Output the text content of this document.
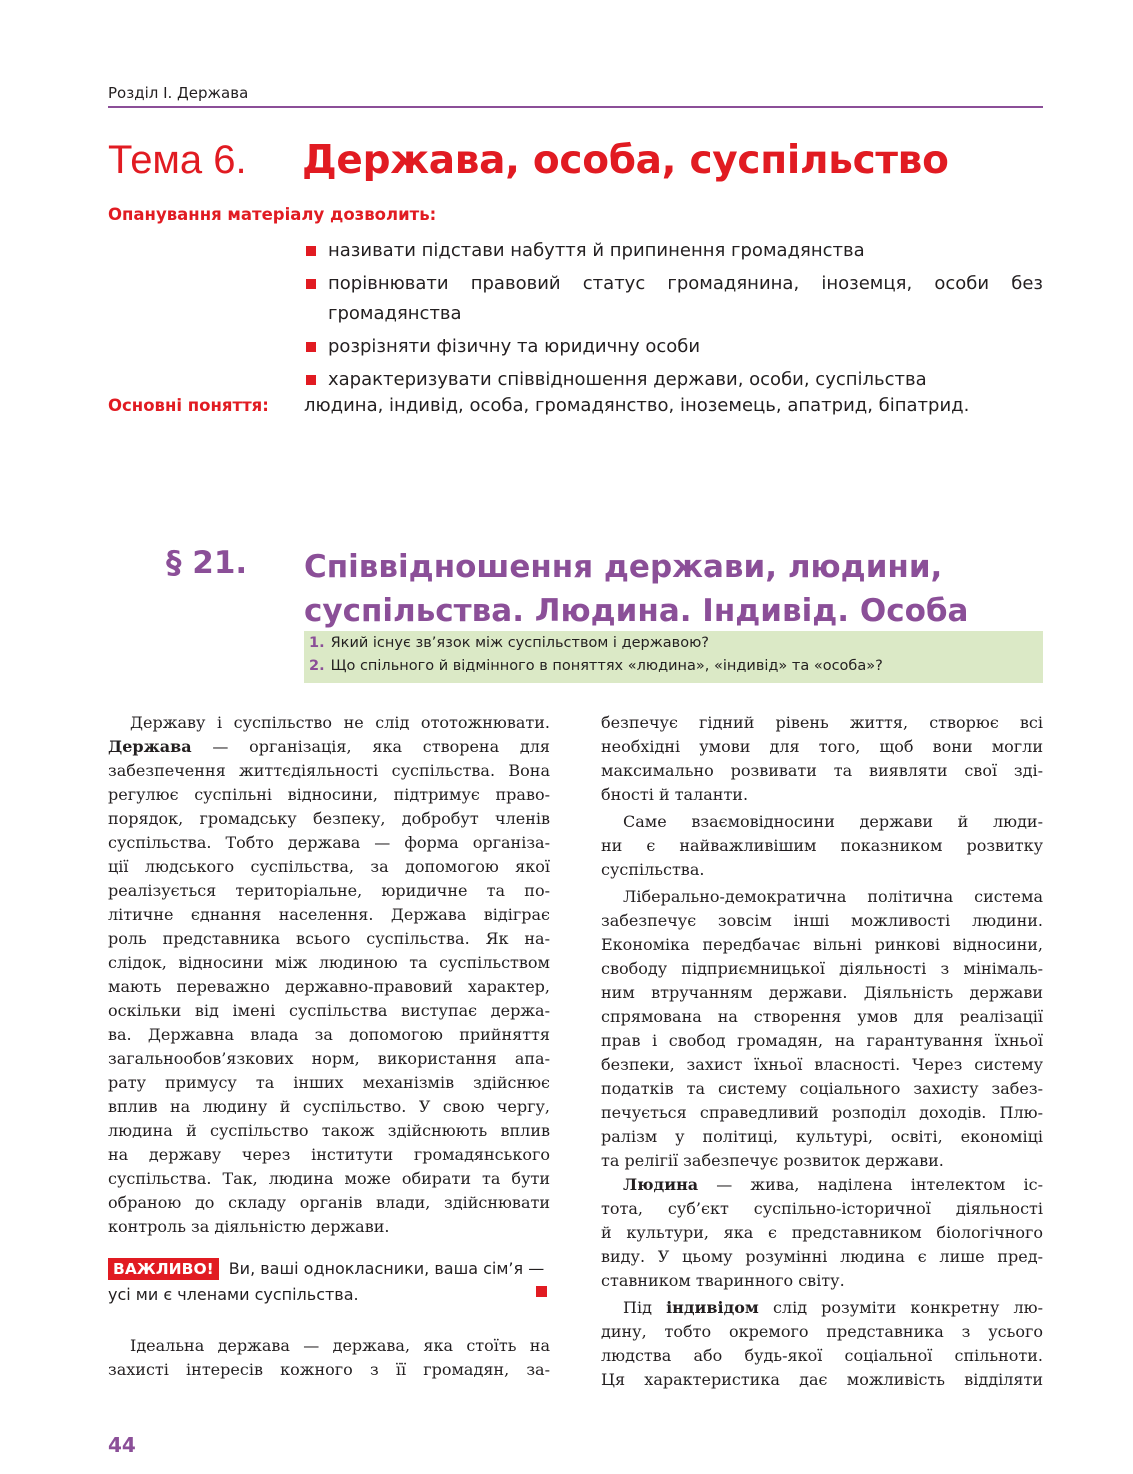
Розділ І. Держава
Тема 6. Держава, особа, суспільство
Опанування матеріалу дозволить:
називати підстави набуття й припинення громадянства
порівнювати правовий статус громадянина, іноземця, особи без громадянства
розрізняти фізичну та юридичну особи
характеризувати співвідношення держави, особи, суспільства
Основні поняття: людина, індивід, особа, громадянство, іноземець, апатрид, біпатрид.
§ 21. Співвідношення держави, людини,
суспільства. Людина. Індивід. Особа
1. Який існує зв’язок між суспільством і державою?
2. Що спільного й відмінного в поняттях «людина», «індивід» та «особа»?
Державу і суспільство не слід ототожнювати.
Держава — організація, яка створена для
забезпечення життєдіяльності суспільства. Вона
регулює суспільні відносини, підтримує право-
порядок, громадську безпеку, добробут членів
суспільства. Тобто держава — форма організа-
ції людського суспільства, за допомогою якої
реалізується територіальне, юридичне та по-
літичне єднання населення. Держава відіграє
роль представника всього суспільства. Як на-
слідок, відносини між людиною та суспільством
мають переважно державно-правовий характер,
оскільки від імені суспільства виступає держа-
ва. Державна влада за допомогою прийняття
загальнообов’язкових норм, використання апа-
рату примусу та інших механізмів здійснює
вплив на людину й суспільство. У свою чергу,
людина й суспільство також здійснюють вплив
на державу через інститути громадянського
суспільства. Так, людина може обирати та бути
обраною до складу органів влади, здійснювати
контроль за діяльністю держави.
ВАЖЛИВО! Ви, ваші однокласники, ваша сім’я —
усі ми є членами суспільства.
Ідеальна держава — держава, яка стоїть на
захисті інтересів кожного з її громадян, за-
безпечує гідний рівень життя, створює всі
необхідні умови для того, щоб вони могли
максимально розвивати та виявляти свої зді-
бності й таланти.
Саме взаємовідносини держави й люди-
ни є найважливішим показником розвитку
суспільства.
Ліберально-демократична політична система
забезпечує зовсім інші можливості людини.
Економіка передбачає вільні ринкові відносини,
свободу підприємницької діяльності з мінімаль-
ним втручанням держави. Діяльність держави
спрямована на створення умов для реалізації
прав і свобод громадян, на гарантування їхньої
безпеки, захист їхньої власності. Через систему
податків та систему соціального захисту забез-
печується справедливий розподіл доходів. Плю-
ралізм у політиці, культурі, освіті, економіці
та релігії забезпечує розвиток держави.
Людина — жива, наділена інтелектом іс-
тота, суб’єкт суспільно-історичної діяльності
й культури, яка є представником біологічного
виду. У цьому розумінні людина є лише пред-
ставником тваринного світу.
Під індивідом слід розуміти конкретну лю-
дину, тобто окремого представника з усього
людства або будь-якої соціальної спільноти.
Ця характеристика дає можливість відділяти
44
